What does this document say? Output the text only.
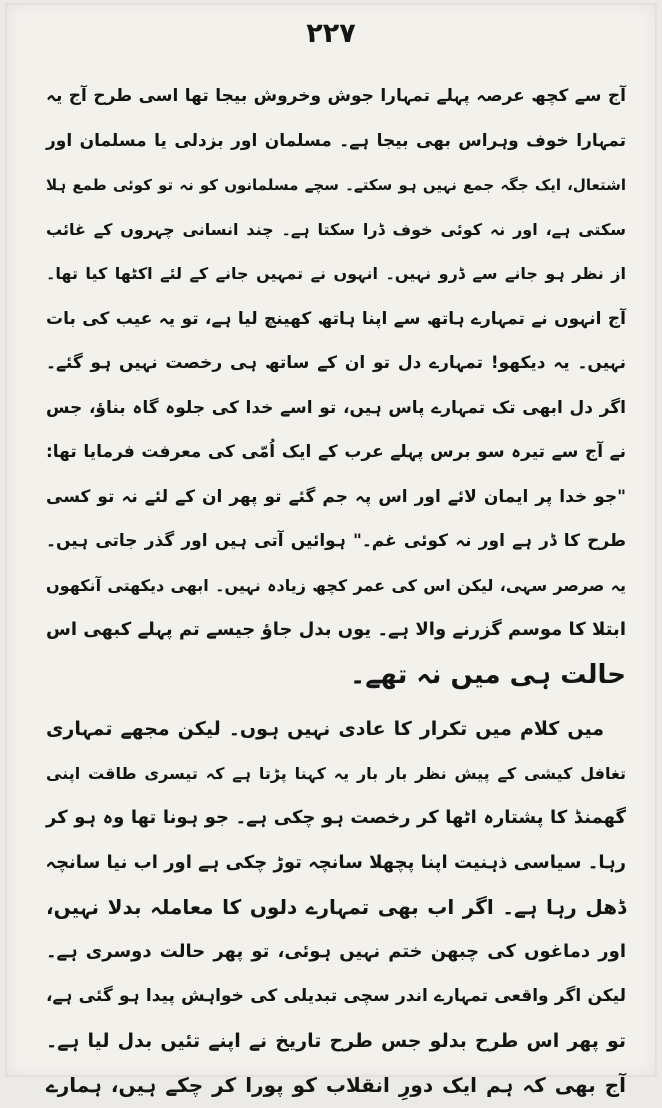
۲۲۷
آج سے کچھ عرصہ پہلے تمہارا جوش وخروش بیجا تھا اسی طرح آج یہ
تمہارا خوف وہراس بھی بیجا ہے۔ مسلمان اور بزدلی یا مسلمان اور
اشتعال، ایک جگہ جمع نہیں ہو سکتے۔ سچے مسلمانوں کو نہ تو کوئی طمع ہلا
سکتی ہے، اور نہ کوئی خوف ڈرا سکتا ہے۔ چند انسانی چہروں کے غائب
از نظر ہو جانے سے ڈرو نہیں۔ انہوں نے تمہیں جانے کے لئے اکٹھا کیا تھا۔
آج انہوں نے تمہارے ہاتھ سے اپنا ہاتھ کھینچ لیا ہے، تو یہ عیب کی بات
نہیں۔ یہ دیکھو! تمہارے دل تو ان کے ساتھ ہی رخصت نہیں ہو گئے۔
اگر دل ابھی تک تمہارے پاس ہیں، تو اسے خدا کی جلوہ گاہ بناؤ، جس
نے آج سے تیرہ سو برس پہلے عرب کے ایک اُمّی کی معرفت فرمایا تھا:
"جو خدا پر ایمان لائے اور اس پہ جم گئے تو پھر ان کے لئے نہ تو کسی
طرح کا ڈر ہے اور نہ کوئی غم۔" ہوائیں آتی ہیں اور گذر جاتی ہیں۔
یہ صرصر سہی، لیکن اس کی عمر کچھ زیادہ نہیں۔ ابھی دیکھتی آنکھوں
ابتلا کا موسم گزرنے والا ہے۔ یوں بدل جاؤ جیسے تم پہلے کبھی اس
حالت ہی میں نہ تھے۔
میں کلام میں تکرار کا عادی نہیں ہوں۔ لیکن مجھے تمہاری
تغافل کیشی کے پیش نظر بار بار یہ کہنا پڑتا ہے کہ تیسری طاقت اپنی
گھمنڈ کا پشتارہ اٹھا کر رخصت ہو چکی ہے۔ جو ہونا تھا وہ ہو کر
رہا۔ سیاسی ذہنیت اپنا پچھلا سانچہ توڑ چکی ہے اور اب نیا سانچہ
ڈھل رہا ہے۔ اگر اب بھی تمہارے دلوں کا معاملہ بدلا نہیں،
اور دماغوں کی چبھن ختم نہیں ہوئی، تو پھر حالت دوسری ہے۔
لیکن اگر واقعی تمہارے اندر سچی تبدیلی کی خواہش پیدا ہو گئی ہے،
تو پھر اس طرح بدلو جس طرح تاریخ نے اپنے تئیں بدل لیا ہے۔
آج بھی کہ ہم ایک دورِ انقلاب کو پورا کر چکے ہیں، ہمارے
